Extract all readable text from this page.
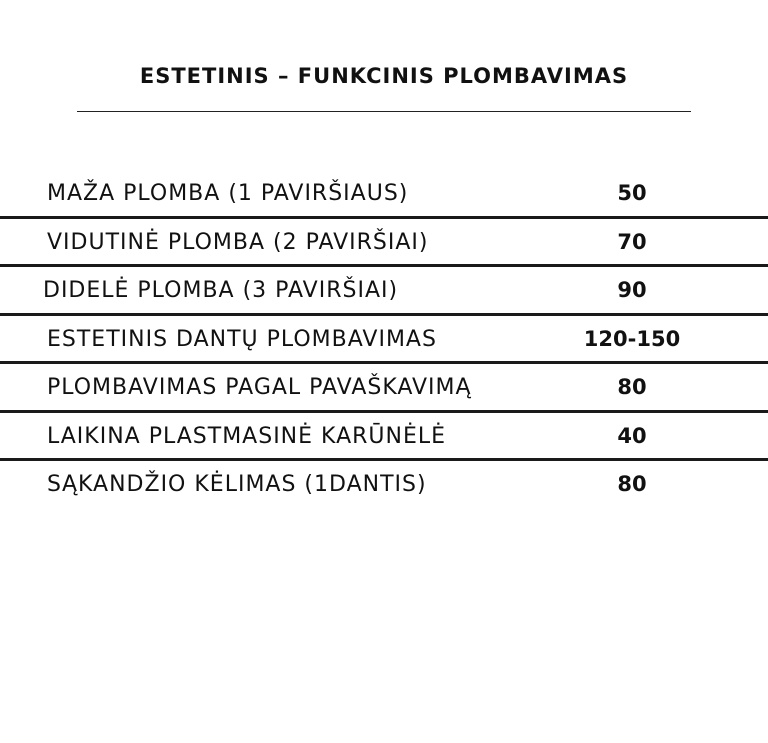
ESTETINIS – FUNKCINIS PLOMBAVIMAS
MAŽA PLOMBA (1 PAVIRŠIAUS)	50
VIDUTINĖ PLOMBA (2 PAVIRŠIAI)	70
DIDELĖ PLOMBA (3 PAVIRŠIAI)	90
ESTETINIS DANTŲ PLOMBAVIMAS	120-150
PLOMBAVIMAS PAGAL PAVAŠKAVIMĄ	80
LAIKINA PLASTMASINĖ KARŪNĖLĖ	40
SĄKANDŽIO KĖLIMAS (1DANTIS)	80
